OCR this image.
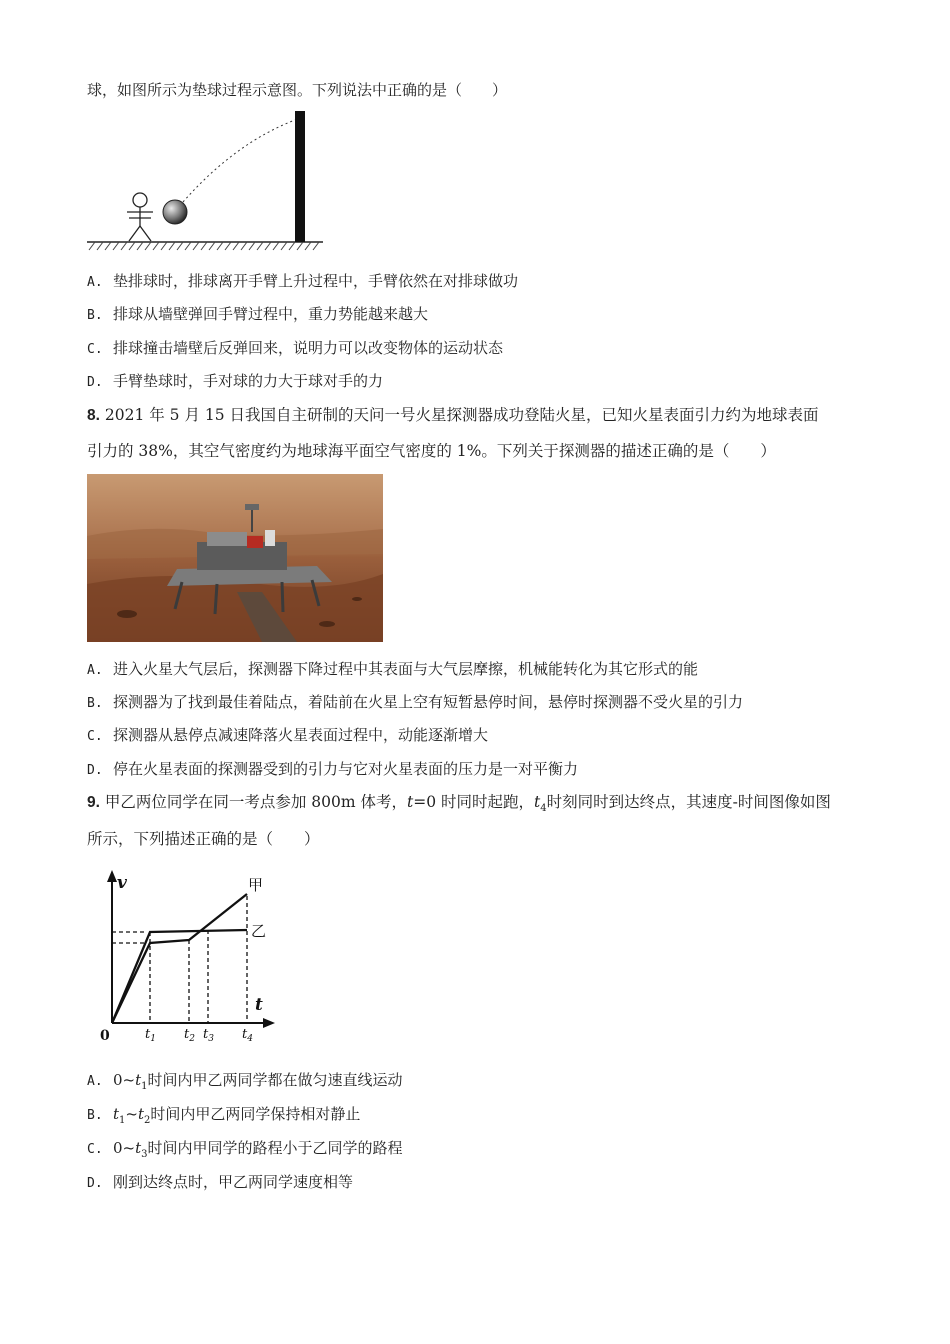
球，如图所示为垫球过程示意图。下列说法中正确的是（　　）
A. 垫排球时，排球离开手臂上升过程中，手臂依然在对排球做功
B. 排球从墙壁弹回手臂过程中，重力势能越来越大
C. 排球撞击墙壁后反弹回来，说明力可以改变物体的运动状态
D. 手臂垫球时，手对球的力大于球对手的力
8. 2021 年 5 月 15 日我国自主研制的天问一号火星探测器成功登陆火星，已知火星表面引力约为地球表面
引力的 38%，其空气密度约为地球海平面空气密度的 1%。下列关于探测器的描述正确的是（　　）
A. 进入火星大气层后，探测器下降过程中其表面与大气层摩擦，机械能转化为其它形式的能
B. 探测器为了找到最佳着陆点，着陆前在火星上空有短暂悬停时间，悬停时探测器不受火星的引力
C. 探测器从悬停点减速降落火星表面过程中，动能逐渐增大
D. 停在火星表面的探测器受到的引力与它对火星表面的压力是一对平衡力
9. 甲乙两位同学在同一考点参加 800m 体考，t=0 时同时起跑，$t_4$时刻同时到达终点，其速度-时间图像如图
所示，下列描述正确的是（　　）
v
t
0
甲
乙
$t_1$ $t_2$ $t_3$ $t_4$
A. $0\sim t_1$时间内甲乙两同学都在做匀速直线运动
B. $t_1\sim t_2$时间内甲乙两同学保持相对静止
C. $0\sim t_3$时间内甲同学的路程小于乙同学的路程
D. 刚到达终点时，甲乙两同学速度相等
